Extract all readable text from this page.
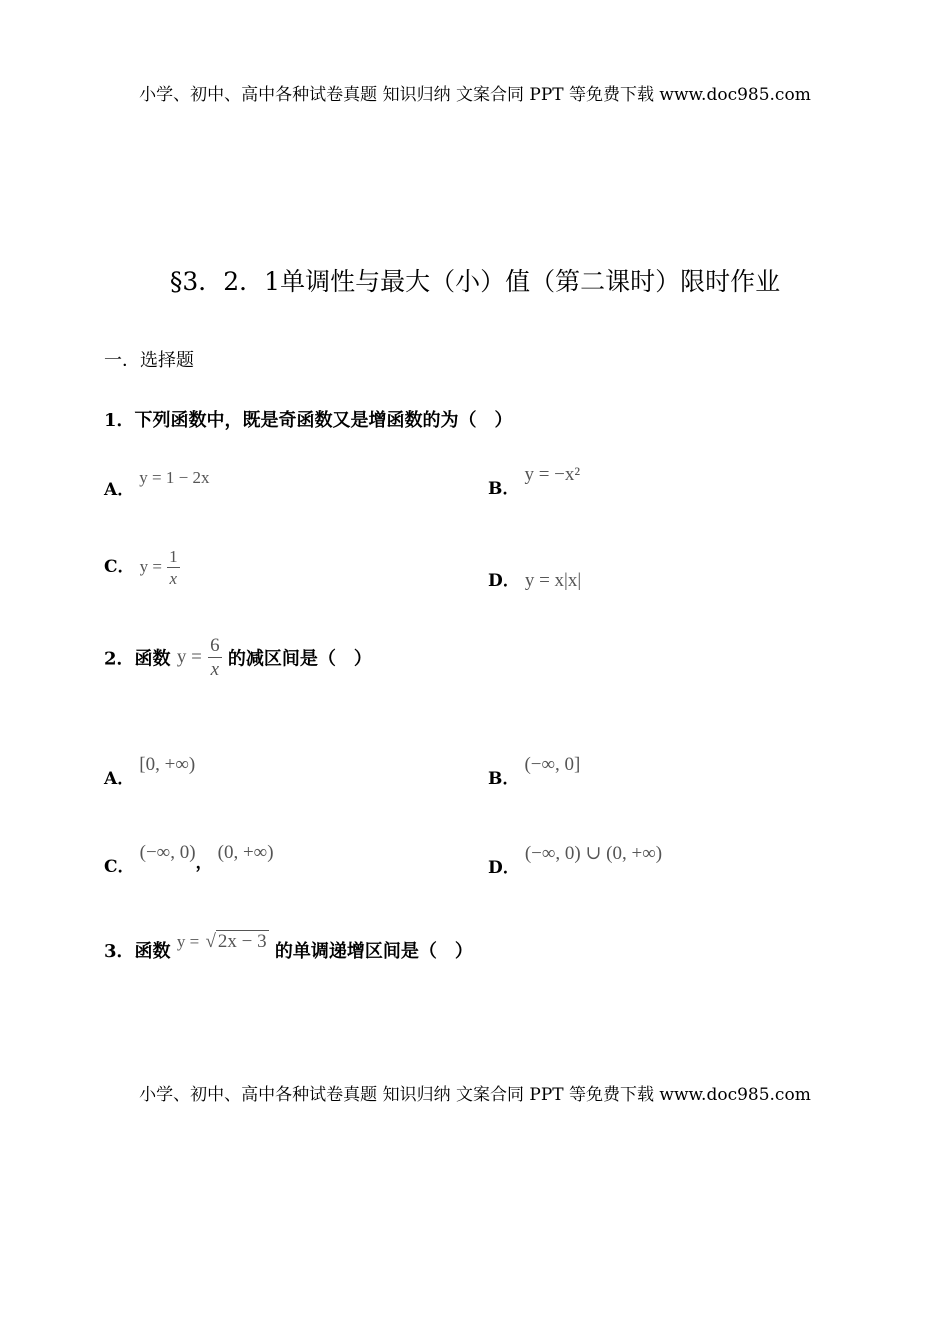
小学、初中、高中各种试卷真题 知识归纳 文案合同 PPT 等免费下载 www.doc985.com
§3．2．1单调性与最大（小）值（第二课时）限时作业
一．选择题
1．下列函数中，既是奇函数又是增函数的为（　）
A． y = 1 − 2x
B． y = −x²
C． $y = \frac{1}{x}$	D． y = x|x|
2．函数 $y = \frac{6}{x}$ 的减区间是（　）
A． [0, +∞)
B． (−∞, 0]
C． (−∞, 0)， (0, +∞)
D． (−∞, 0) ∪ (0, +∞)
3．函数 y = √ 2x − 3 的单调递增区间是（　）
小学、初中、高中各种试卷真题 知识归纳 文案合同 PPT 等免费下载 www.doc985.com
